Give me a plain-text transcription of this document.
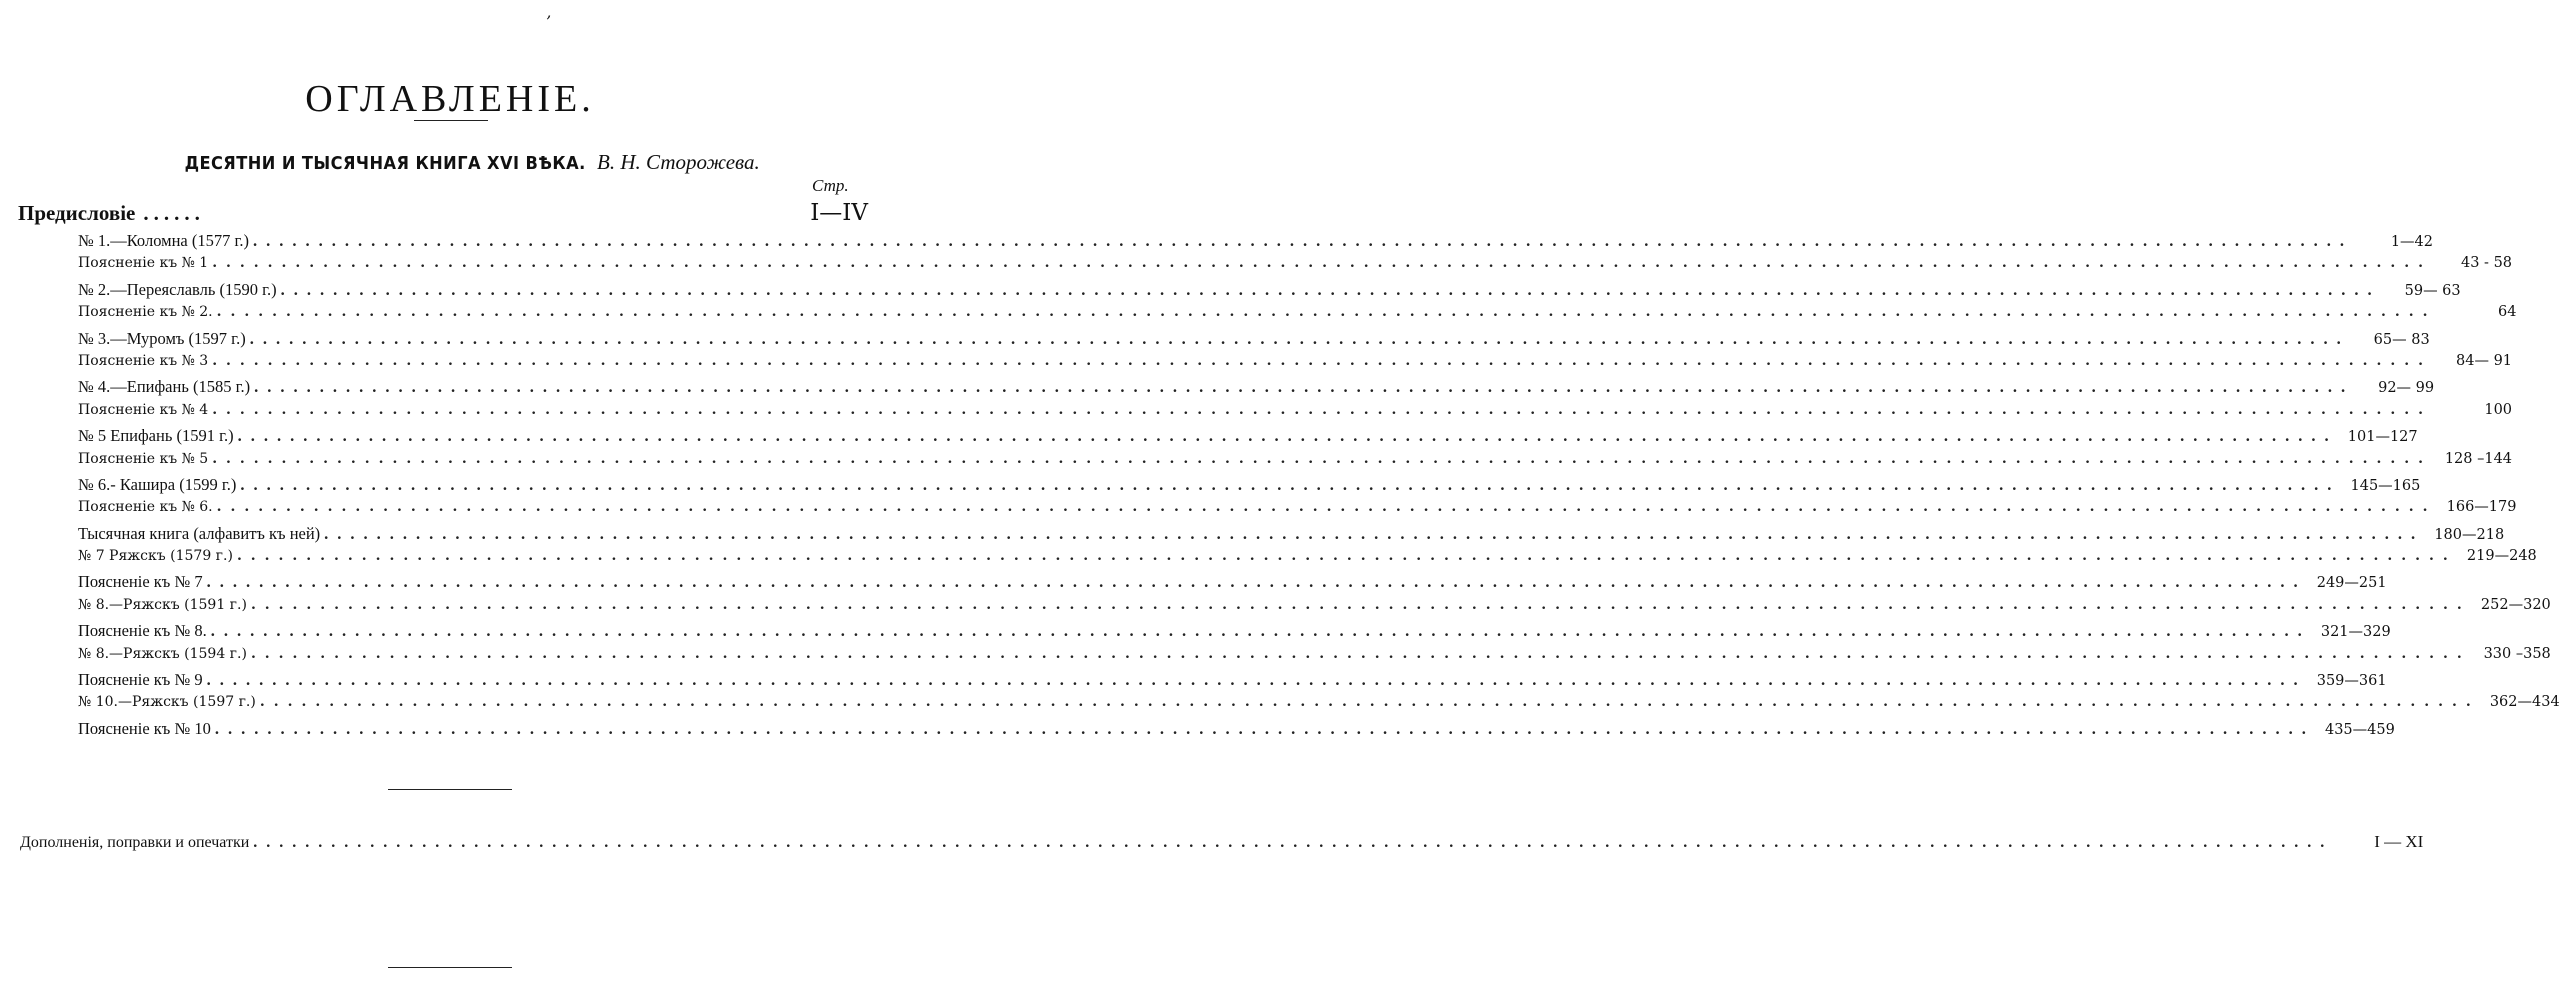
’
ОГЛАВЛЕНІЕ.
ДЕСЯТНИ И ТЫСЯЧНАЯ КНИГА XVI ВѢКА. В. Н. Сторожева.
Стр.
Предисловіе ......	I—IV
№ 1.—Коломна (1577 г.) ................................................................................................................................................................	1—42
Поясненіе къ № 1 ................................................................................................................................................................	43 - 58
№ 2.—Переяславль (1590 г.) ................................................................................................................................................................	59— 63
Поясненіе къ № 2. ................................................................................................................................................................	64
№ 3.—Муромъ (1597 г.) ................................................................................................................................................................	65— 83
Поясненіе къ № 3 ................................................................................................................................................................	84— 91
№ 4.—Епифань (1585 г.) ................................................................................................................................................................	92— 99
Поясненіе къ № 4 ................................................................................................................................................................	100
№ 5 Епифань (1591 г.) ................................................................................................................................................................ 101—127
Поясненіе къ № 5 ................................................................................................................................................................ 128 –144
№ 6.- Кашира (1599 г.) ................................................................................................................................................................ 145—165
Поясненіе къ № 6. ................................................................................................................................................................ 166—179
Тысячная книга (алфавитъ къ ней) ................................................................................................................................................................ 180—218
№ 7 Ряжскъ (1579 г.) ................................................................................................................................................................ 219—248
Поясненіе къ № 7 ................................................................................................................................................................ 249—251
№ 8.—Ряжскъ (1591 г.) ................................................................................................................................................................ 252—320
Поясненіе къ № 8. ................................................................................................................................................................ 321—329
№ 8.—Ряжскъ (1594 г.) ................................................................................................................................................................ 330 –358
Поясненіе къ № 9 ................................................................................................................................................................ 359—361
№ 10.—Ряжскъ (1597 г.) ................................................................................................................................................................ 362—434
Поясненіе къ № 10 ................................................................................................................................................................ 435—459
Дополненія, поправки и опечатки ................................................................................................................................................................	I — XI
